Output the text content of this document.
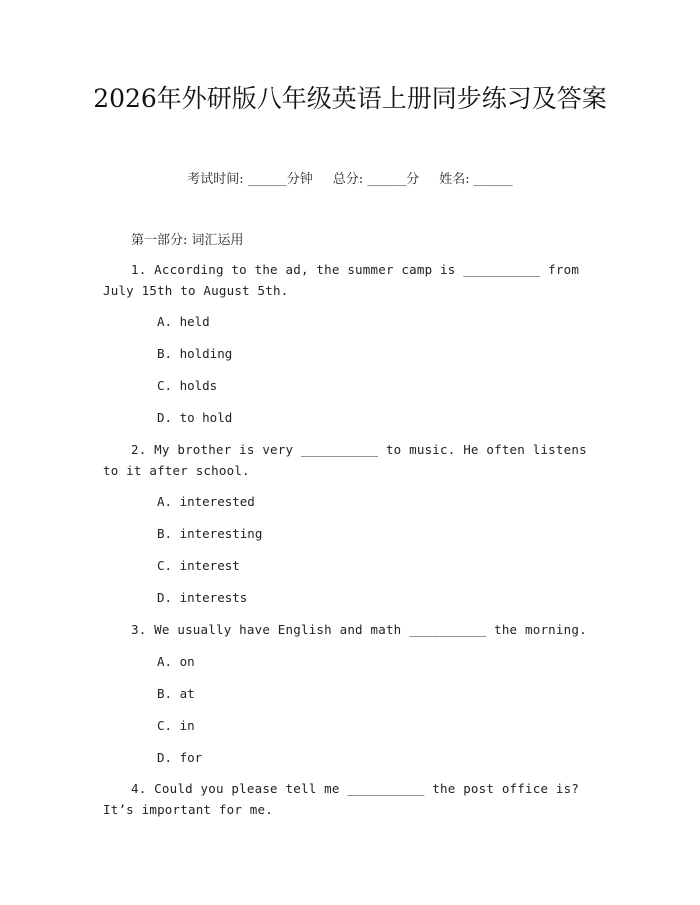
2026年外研版八年级英语上册同步练习及答案
考试时间: ______分钟 总分: ______分 姓名: ______
第一部分: 词汇运用
1. According to the ad, the summer camp is __________ from July 15th to August 5th.
A. held
B. holding
C. holds
D. to hold
2. My brother is very __________ to music. He often listens to it after school.
A. interested
B. interesting
C. interest
D. interests
3. We usually have English and math __________ the morning.
A. on
B. at
C. in
D. for
4. Could you please tell me __________ the post office is? It’s important for me.
